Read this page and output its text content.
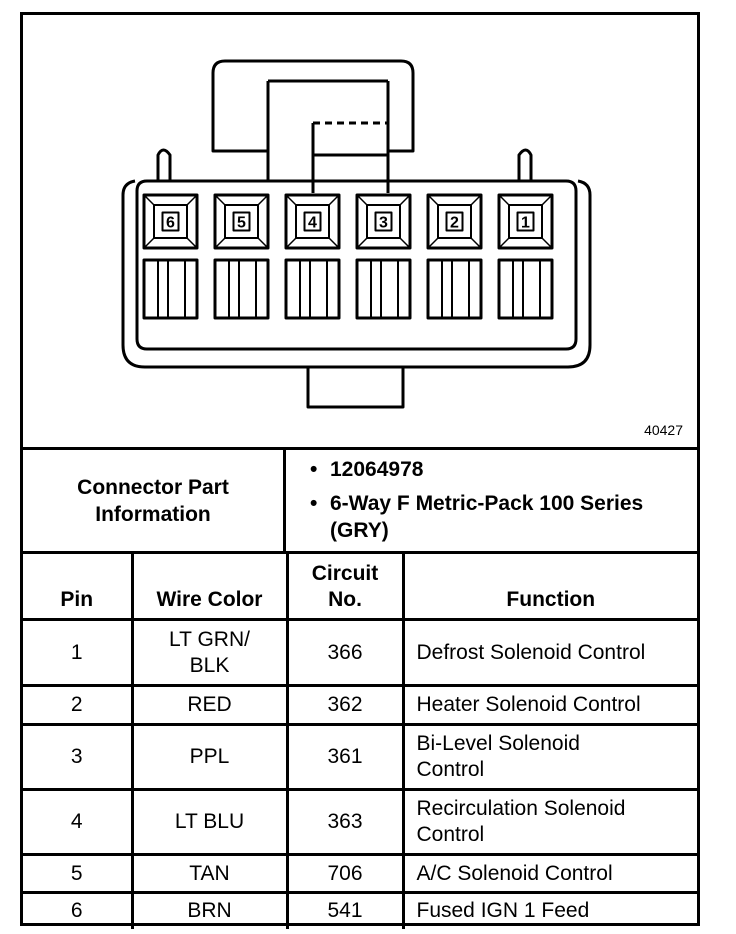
6	5	4	3	2	1
40427
Connector Part Information
• 12064978
• 6-Way F Metric-Pack 100 Series (GRY)
Pin	Wire Color	Circuit No.	Function
1	LT GRN/ BLK	366	Defrost Solenoid Control
2	RED	362	Heater Solenoid Control
3	PPL	361	Bi-Level Solenoid Control
4	LT BLU	363	Recirculation Solenoid Control
5	TAN	706	A/C Solenoid Control
6	BRN	541	Fused IGN 1 Feed
